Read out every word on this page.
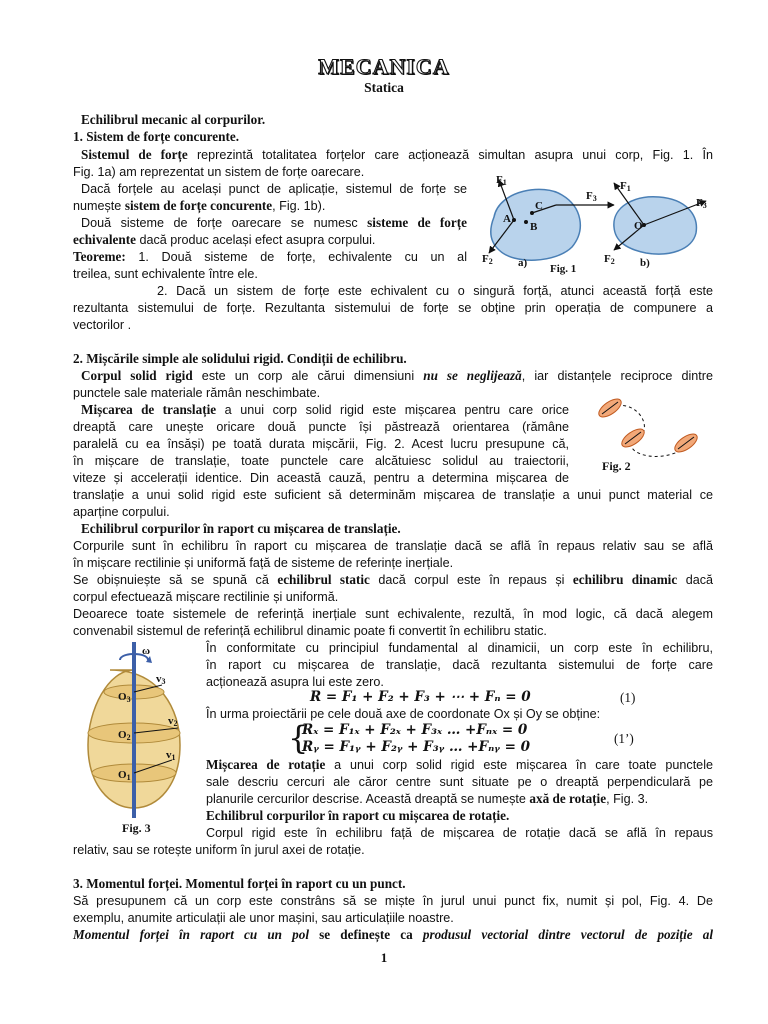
MECANICA
Statica
Echilibrul mecanic al corpurilor.
1. Sistem de forțe concurente.
Sistemul de forțe reprezintă totalitatea forțelor care acționează simultan asupra unui corp, Fig. 1. În
Fig. 1a) am reprezentat un sistem de forțe oarecare.
Dacă forțele au același punct de aplicație, sistemul de forțe se
numește sistem de forțe concurente, Fig. 1b).
Două sisteme de forțe oarecare se numesc sisteme de forțe
echivalente dacă produc același efect asupra corpului.
Teoreme: 1. Două sisteme de forțe, echivalente cu un al
treilea, sunt echivalente între ele.
2. Dacă un sistem de forțe este echivalent cu o singură forță, atunci această forță este
rezultanta sistemului de forțe. Rezultanta sistemului de forțe se obține prin operația de compunere a
vectorilor .
F1
F2
F3
A
C
B
a)
F1
F2
F3
O
b)
Fig. 1
2. Mișcările simple ale solidului rigid. Condiții de echilibru.
Corpul solid rigid este un corp ale cărui dimensiuni nu se neglijează, iar distanțele reciproce dintre
punctele sale materiale rămân neschimbate.
Mișcarea de translație a unui corp solid rigid este mișcarea pentru care orice
dreaptă care unește oricare două puncte își păstrează orientarea (rămâne
paralelă cu ea însăși) pe toată durata mișcării, Fig. 2. Acest lucru presupune că,
în mișcare de translație, toate punctele care alcătuiesc solidul au traiectorii,
viteze și accelerații identice. Din această cauză, pentru a determina mișcarea de
translație a unui solid rigid este suficient să determinăm mișcarea de translație a unui punct material ce
aparține corpului.
Fig. 2
Echilibrul corpurilor în raport cu mișcarea de translație.
Corpurile sunt în echilibru în raport cu mișcarea de translație dacă se află în repaus relativ sau se află
în mișcare rectilinie și uniformă față de sisteme de referințe inerțiale.
Se obișnuiește să se spună că echilibrul static dacă corpul este în repaus și echilibru dinamic dacă
corpul efectuează mișcare rectilinie și uniformă.
Deoarece toate sistemele de referință inerțiale sunt echivalente, rezultă, în mod logic, că dacă alegem
convenabil sistemul de referință echilibrul dinamic poate fi convertit în echilibru static.
ω
O3
v3
O2
v2
O1
v1
Fig. 3
În conformitate cu principiul fundamental al dinamicii, un corp este în echilibru,
în raport cu mișcarea de translație, dacă rezultanta sistemului de forțe care
acționează asupra lui este zero.
R = F₁ + F₂ + F₃ + ⋯ + Fₙ = 0	(1)
În urma proiectării pe cele două axe de coordonate Ox și Oy se obține:
{
Rₓ = F₁ₓ + F₂ₓ + F₃ₓ … +Fₙₓ = 0
Rᵧ = F₁ᵧ + F₂ᵧ + F₃ᵧ … +Fₙᵧ = 0
(1’)
Mișcarea de rotație a unui corp solid rigid este mișcarea în care toate punctele
sale descriu cercuri ale căror centre sunt situate pe o dreaptă perpendiculară pe
planurile cercurilor descrise. Această dreaptă se numește axă de rotație, Fig. 3.
Echilibrul corpurilor în raport cu mișcarea de rotație.
Corpul rigid este în echilibru față de mișcarea de rotație dacă se află în repaus
relativ, sau se rotește uniform în jurul axei de rotație.
3. Momentul forței. Momentul forței în raport cu un punct.
Să presupunem că un corp este constrâns să se miște în jurul unui punct fix, numit și pol, Fig. 4. De
exemplu, anumite articulații ale unor mașini, sau articulațiile noastre.
Momentul forței în raport cu un pol se definește ca produsul vectorial dintre vectorul de poziție al
1
